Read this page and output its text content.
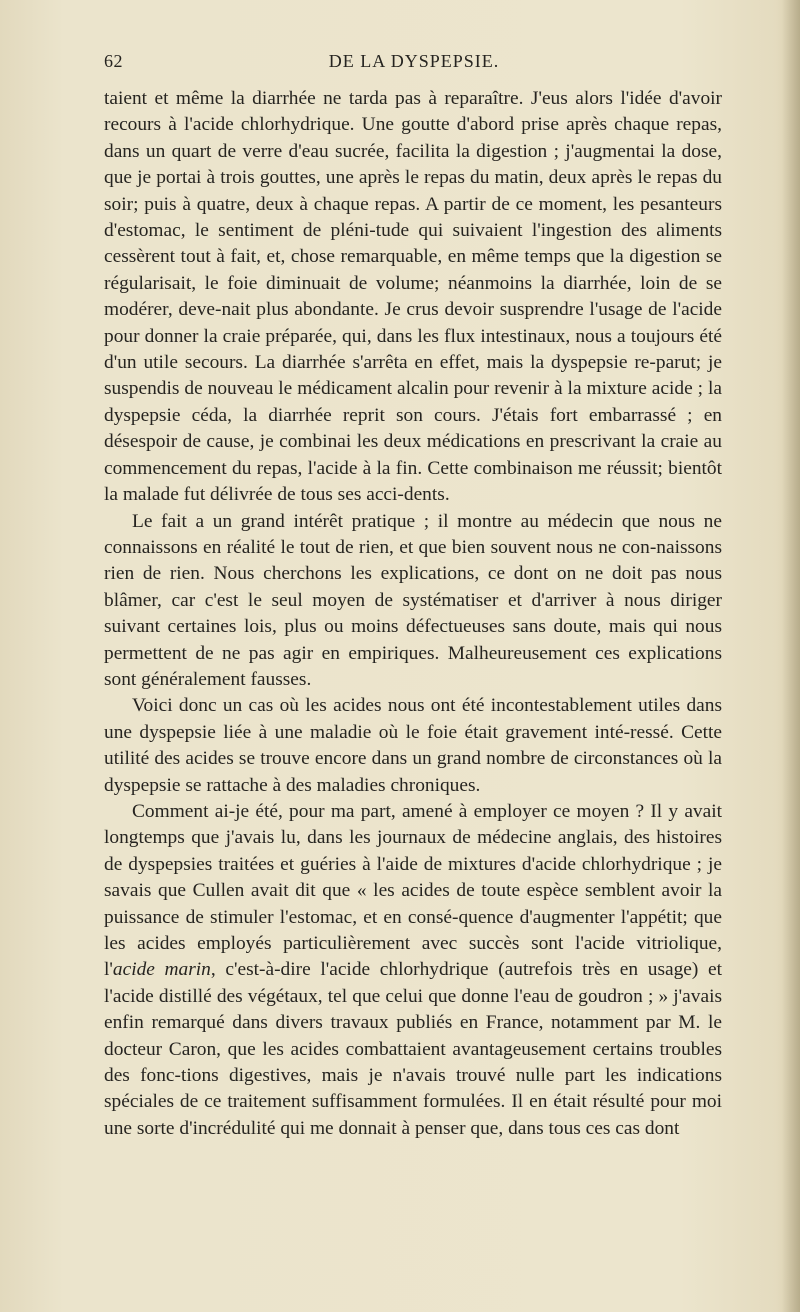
62	DE LA DYSPEPSIE.

taient et même la diarrhée ne tarda pas à reparaître. J'eus alors l'idée d'avoir recours à l'acide chlorhydrique. Une goutte d'abord prise après chaque repas, dans un quart de verre d'eau sucrée, facilita la digestion ; j'augmentai la dose, que je portai à trois gouttes, une après le repas du matin, deux après le repas du soir; puis à quatre, deux à chaque repas. A partir de ce moment, les pesanteurs d'estomac, le sentiment de pléni-tude qui suivaient l'ingestion des aliments cessèrent tout à fait, et, chose remarquable, en même temps que la digestion se régularisait, le foie diminuait de volume; néanmoins la diarrhée, loin de se modérer, deve-nait plus abondante. Je crus devoir susprendre l'usage de l'acide pour donner la craie préparée, qui, dans les flux intestinaux, nous a toujours été d'un utile secours. La diarrhée s'arrêta en effet, mais la dyspepsie re-parut; je suspendis de nouveau le médicament alcalin pour revenir à la mixture acide ; la dyspepsie céda, la diarrhée reprit son cours. J'étais fort embarrassé ; en désespoir de cause, je combinai les deux médications en prescrivant la craie au commencement du repas, l'acide à la fin. Cette combinaison me réussit; bientôt la malade fut délivrée de tous ses acci-dents.

Le fait a un grand intérêt pratique ; il montre au médecin que nous ne connaissons en réalité le tout de rien, et que bien souvent nous ne con-naissons rien de rien. Nous cherchons les explications, ce dont on ne doit pas nous blâmer, car c'est le seul moyen de systématiser et d'arriver à nous diriger suivant certaines lois, plus ou moins défectueuses sans doute, mais qui nous permettent de ne pas agir en empiriques. Malheureusement ces explications sont généralement fausses.

Voici donc un cas où les acides nous ont été incontestablement utiles dans une dyspepsie liée à une maladie où le foie était gravement inté-ressé. Cette utilité des acides se trouve encore dans un grand nombre de circonstances où la dyspepsie se rattache à des maladies chroniques.

Comment ai-je été, pour ma part, amené à employer ce moyen ? Il y avait longtemps que j'avais lu, dans les journaux de médecine anglais, des histoires de dyspepsies traitées et guéries à l'aide de mixtures d'acide chlorhydrique ; je savais que Cullen avait dit que « les acides de toute espèce semblent avoir la puissance de stimuler l'estomac, et en consé-quence d'augmenter l'appétit; que les acides employés particulièrement avec succès sont l'acide vitriolique, l'acide marin, c'est-à-dire l'acide chlorhydrique (autrefois très en usage) et l'acide distillé des végétaux, tel que celui que donne l'eau de goudron ; » j'avais enfin remarqué dans divers travaux publiés en France, notamment par M. le docteur Caron, que les acides combattaient avantageusement certains troubles des fonc-tions digestives, mais je n'avais trouvé nulle part les indications spéciales de ce traitement suffisamment formulées. Il en était résulté pour moi une sorte d'incrédulité qui me donnait à penser que, dans tous ces cas dont
